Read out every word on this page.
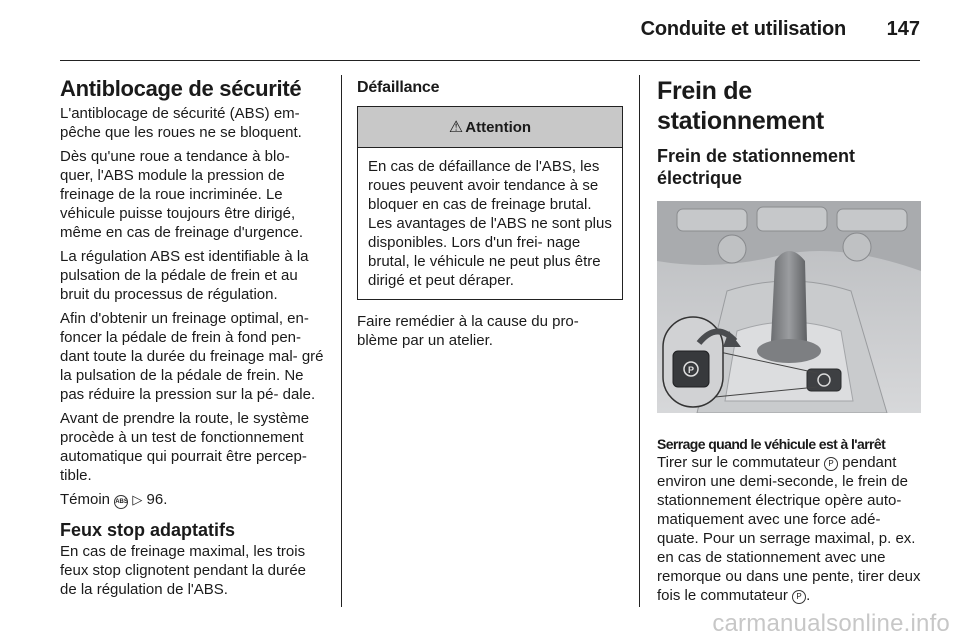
Conduite et utilisation	147
Antiblocage de sécurité

L'antiblocage de sécurité (ABS) em- pêche que les roues ne se bloquent.

Dès qu'une roue a tendance à blo- quer, l'ABS module la pression de freinage de la roue incriminée. Le véhicule puisse toujours être dirigé, même en cas de freinage d'urgence.

La régulation ABS est identifiable à la pulsation de la pédale de frein et au bruit du processus de régulation.

Afin d'obtenir un freinage optimal, en- foncer la pédale de frein à fond pen- dant toute la durée du freinage mal- gré la pulsation de la pédale de frein. Ne pas réduire la pression sur la pé- dale.

Avant de prendre la route, le système procède à un test de fonctionnement automatique qui pourrait être percep- tible.

Témoin ABS ▷ 96.

Feux stop adaptatifs

En cas de freinage maximal, les trois feux stop clignotent pendant la durée de la régulation de l'ABS.

Défaillance
⚠ Attention
En cas de défaillance de l'ABS, les roues peuvent avoir tendance à se bloquer en cas de freinage brutal. Les avantages de l'ABS ne sont plus disponibles. Lors d'un frei- nage brutal, le véhicule ne peut plus être dirigé et peut déraper.

Faire remédier à la cause du pro- blème par un atelier.

Frein de stationnement
Frein de stationnement électrique
P
Serrage quand le véhicule est à l'arrêt

Tirer sur le commutateur P pendant environ une demi-seconde, le frein de stationnement électrique opère auto- matiquement avec une force adé- quate. Pour un serrage maximal, p. ex. en cas de stationnement avec une remorque ou dans une pente, tirer deux fois le commutateur P .

carmanualsonline.info
